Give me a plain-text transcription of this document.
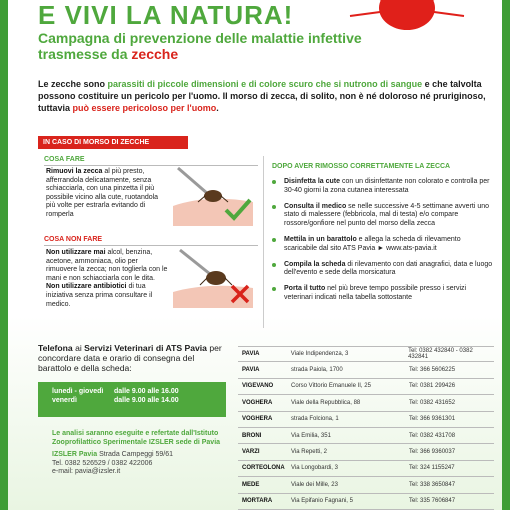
E VIVI LA NATURA!
Campagna di prevenzione delle malattie infettive trasmesse da zecche
Le zecche sono parassiti di piccole dimensioni e di colore scuro che si nutrono di sangue e che talvolta possono costituire un pericolo per l'uomo. Il morso di zecca, di solito, non è né doloroso né pruriginoso, tuttavia può essere pericoloso per l'uomo.
IN CASO DI MORSO DI ZECCHE
COSA FARE
Rimuovi la zecca al più presto, afferrandola delicatamente, senza schiacciarla, con una pinzetta il più possibile vicino alla cute, ruotandola più volte per estrarla evitando di romperla
COSA NON FARE
Non utilizzare mai alcol, benzina, acetone, ammoniaca, olio per rimuovere la zecca; non toglierla con le mani e non schiacciarla con le dita. Non utilizzare antibiotici di tua iniziativa senza prima consultare il medico.
DOPO AVER RIMOSSO CORRETTAMENTE LA ZECCA
Disinfetta la cute con un disinfettante non colorato e controlla per 30-40 giorni la zona cutanea interessata
Consulta il medico se nelle successive 4-5 settimane avverti uno stato di malessere (febbricola, mal di testa) e/o compare rossore/gonfiore nel punto del morso della zecca
Mettila in un barattolo e allega la scheda di rilevamento scaricabile dal sito ATS Pavia ► www.ats-pavia.it
Compila la scheda di rilevamento con dati anagrafici, data e luogo dell'evento e sede della morsicatura
Porta il tutto nel più breve tempo possibile presso i servizi veterinari indicati nella tabella sottostante
Telefona ai Servizi Veterinari di ATS Pavia per concordare data e orario di consegna del barattolo e della scheda:
lunedì - giovedì	dalle 9.00 alle 16.00
venerdì	dalle 9.00 alle 14.00
Le analisi saranno eseguite e refertate dall'Istituto Zooprofilattico Sperimentale IZSLER sede di Pavia
IZSLER Pavia Strada Campeggi 59/61
Tel. 0382 526529 / 0382 422006
e-mail: pavia@izsler.it
PAVIA	Viale Indipendenza, 3	Tel: 0382 432840 - 0382 432841
PAVIA	strada Paiola, 1700	Tel: 366 5606225
VIGEVANO	Corso Vittorio Emanuele II, 25	Tel: 0381 299426
VOGHERA	Viale della Repubblica, 88	Tel: 0382 431652
VOGHERA	strada Folciona, 1	Tel: 366 9361301
BRONI	Via Emilia, 351	Tel: 0382 431708
VARZI	Via Repetti, 2	Tel: 366 9360037
CORTEOLONA	Via Longobardi, 3	Tel: 324 1155247
MEDE	Viale dei Mille, 23	Tel: 338 3650847
MORTARA	Via Epifanio Fagnani, 5	Tel: 335 7606847
